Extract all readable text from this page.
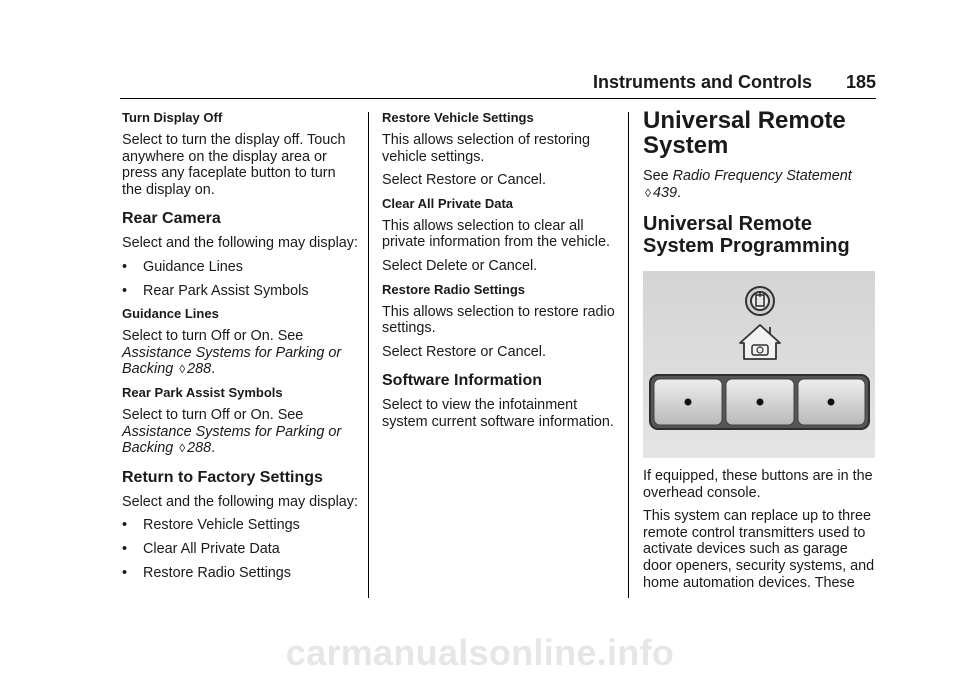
Instruments and Controls 185
Turn Display Off

Select to turn the display off. Touch anywhere on the display area or press any faceplate button to turn the display on.

Rear Camera

Select and the following may display:

•	Guidance Lines
•	Rear Park Assist Symbols
Guidance Lines

Select to turn Off or On. See Assistance Systems for Parking or Backing ◊ 288.

Rear Park Assist Symbols

Select to turn Off or On. See Assistance Systems for Parking or Backing ◊ 288.

Return to Factory Settings

Select and the following may display:

•	Restore Vehicle Settings
•	Clear All Private Data
•	Restore Radio Settings
Restore Vehicle Settings

This allows selection of restoring vehicle settings.

Select Restore or Cancel.

Clear All Private Data

This allows selection to clear all private information from the vehicle.

Select Delete or Cancel.

Restore Radio Settings

This allows selection to restore radio settings.

Select Restore or Cancel.

Software Information

Select to view the infotainment system current software information.

Universal Remote System

See Radio Frequency Statement ◊ 439.

Universal Remote System Programming

If equipped, these buttons are in the overhead console.

This system can replace up to three remote control transmitters used to activate devices such as garage door openers, security systems, and home automation devices. These

carmanualsonline.info
